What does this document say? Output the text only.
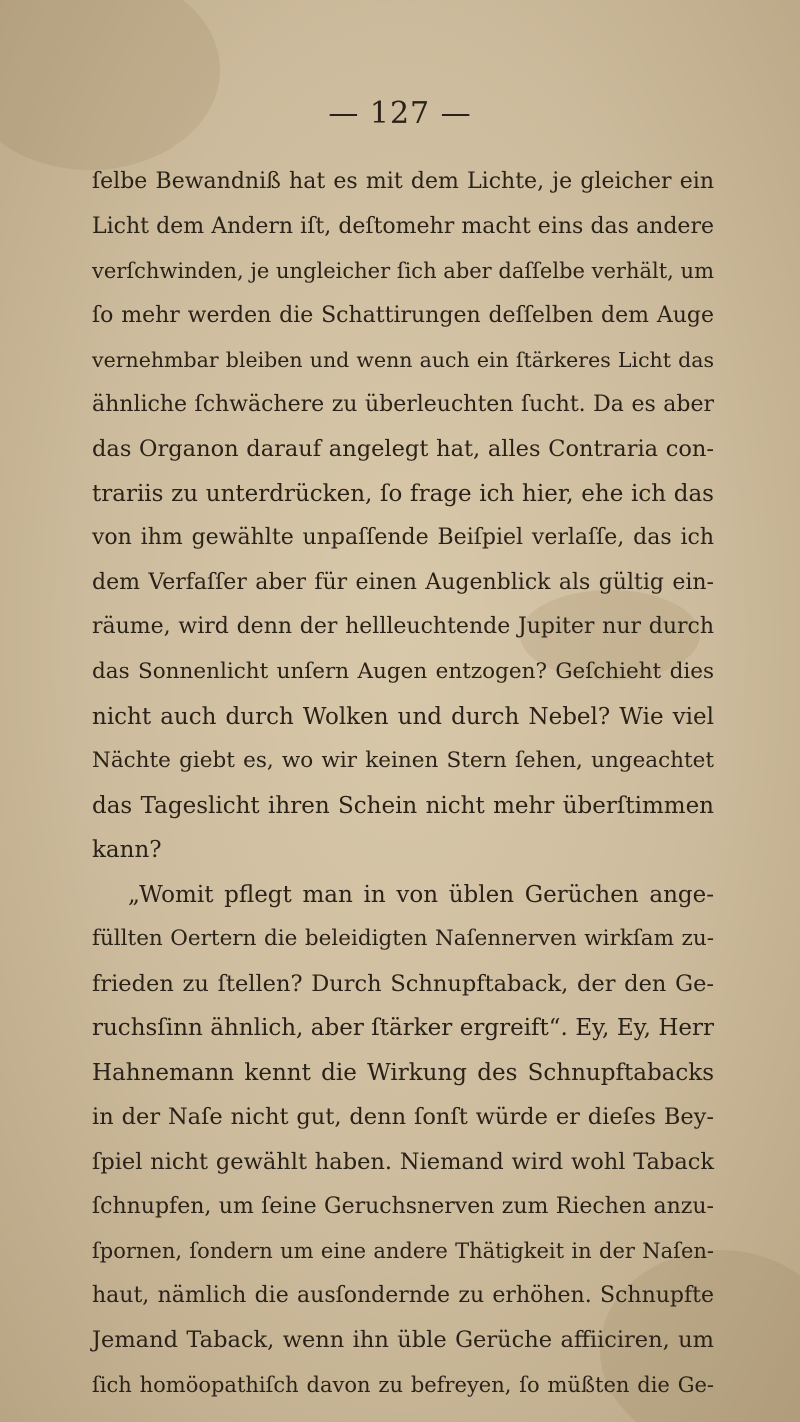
— 127 —
ſelbe Bewandniß hat es mit dem Lichte, je gleicher ein
Licht dem Andern iſt, deſtomehr macht eins das andere
verſchwinden, je ungleicher ſich aber daſſelbe verhält, um
ſo mehr werden die Schattirungen deſſelben dem Auge
vernehmbar bleiben und wenn auch ein ſtärkeres Licht das
ähnliche ſchwächere zu überleuchten ſucht. Da es aber
das Organon darauf angelegt hat, alles Contraria con-
trariis zu unterdrücken, ſo frage ich hier, ehe ich das
von ihm gewählte unpaſſende Beiſpiel verlaſſe, das ich
dem Verfaſſer aber für einen Augenblick als gültig ein-
räume, wird denn der hellleuchtende Jupiter nur durch
das Sonnenlicht unſern Augen entzogen? Geſchieht dies
nicht auch durch Wolken und durch Nebel? Wie viel
Nächte giebt es, wo wir keinen Stern ſehen, ungeachtet
das Tageslicht ihren Schein nicht mehr überſtimmen
kann?
„Womit pflegt man in von üblen Gerüchen ange-
füllten Oertern die beleidigten Naſennerven wirkſam zu-
frieden zu ſtellen? Durch Schnupftaback, der den Ge-
ruchsſinn ähnlich, aber ſtärker ergreift“. Ey, Ey, Herr
Hahnemann kennt die Wirkung des Schnupftabacks
in der Naſe nicht gut, denn ſonſt würde er dieſes Bey-
ſpiel nicht gewählt haben. Niemand wird wohl Taback
ſchnupfen, um ſeine Geruchsnerven zum Riechen anzu-
ſpornen, ſondern um eine andere Thätigkeit in der Naſen-
haut, nämlich die ausſondernde zu erhöhen. Schnupfte
Jemand Taback, wenn ihn üble Gerüche affiiciren, um
ſich homöopathiſch davon zu befreyen, ſo müßten die Ge-
